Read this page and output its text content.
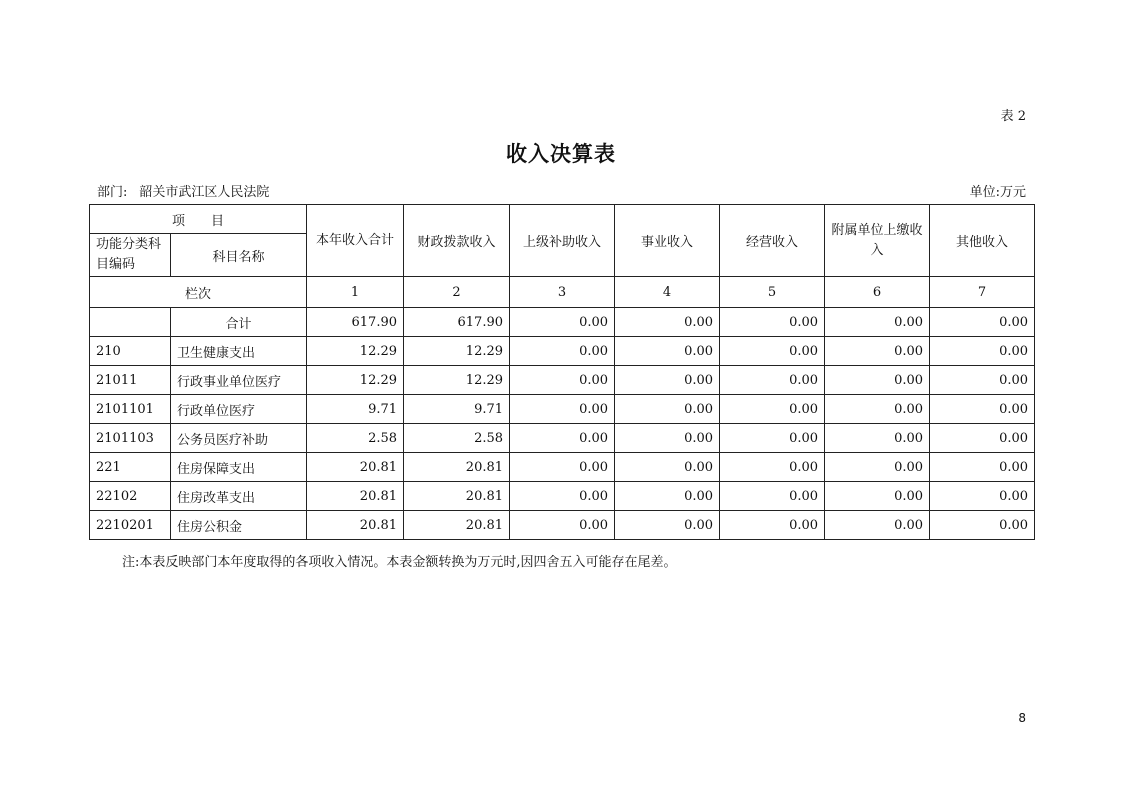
表 2
收入决算表
部门: 韶关市武江区人民法院	单位:万元
项　　目		本年收入合计	财政拨款收入	上级补助收入	事业收入	经营收入	附属单位上缴收入	其他收入
功能分类科目编码	科目名称							
栏次		1	2	3	4	5	6	7
	合计	617.90	617.90	0.00	0.00	0.00	0.00	0.00
210	卫生健康支出	12.29	12.29	0.00	0.00	0.00	0.00	0.00
21011	行政事业单位医疗	12.29	12.29	0.00	0.00	0.00	0.00	0.00
2101101	行政单位医疗	9.71	9.71	0.00	0.00	0.00	0.00	0.00
2101103	公务员医疗补助	2.58	2.58	0.00	0.00	0.00	0.00	0.00
221	住房保障支出	20.81	20.81	0.00	0.00	0.00	0.00	0.00
22102	住房改革支出	20.81	20.81	0.00	0.00	0.00	0.00	0.00
2210201	住房公积金	20.81	20.81	0.00	0.00	0.00	0.00	0.00
注:本表反映部门本年度取得的各项收入情况。本表金额转换为万元时,因四舍五入可能存在尾差。
8
